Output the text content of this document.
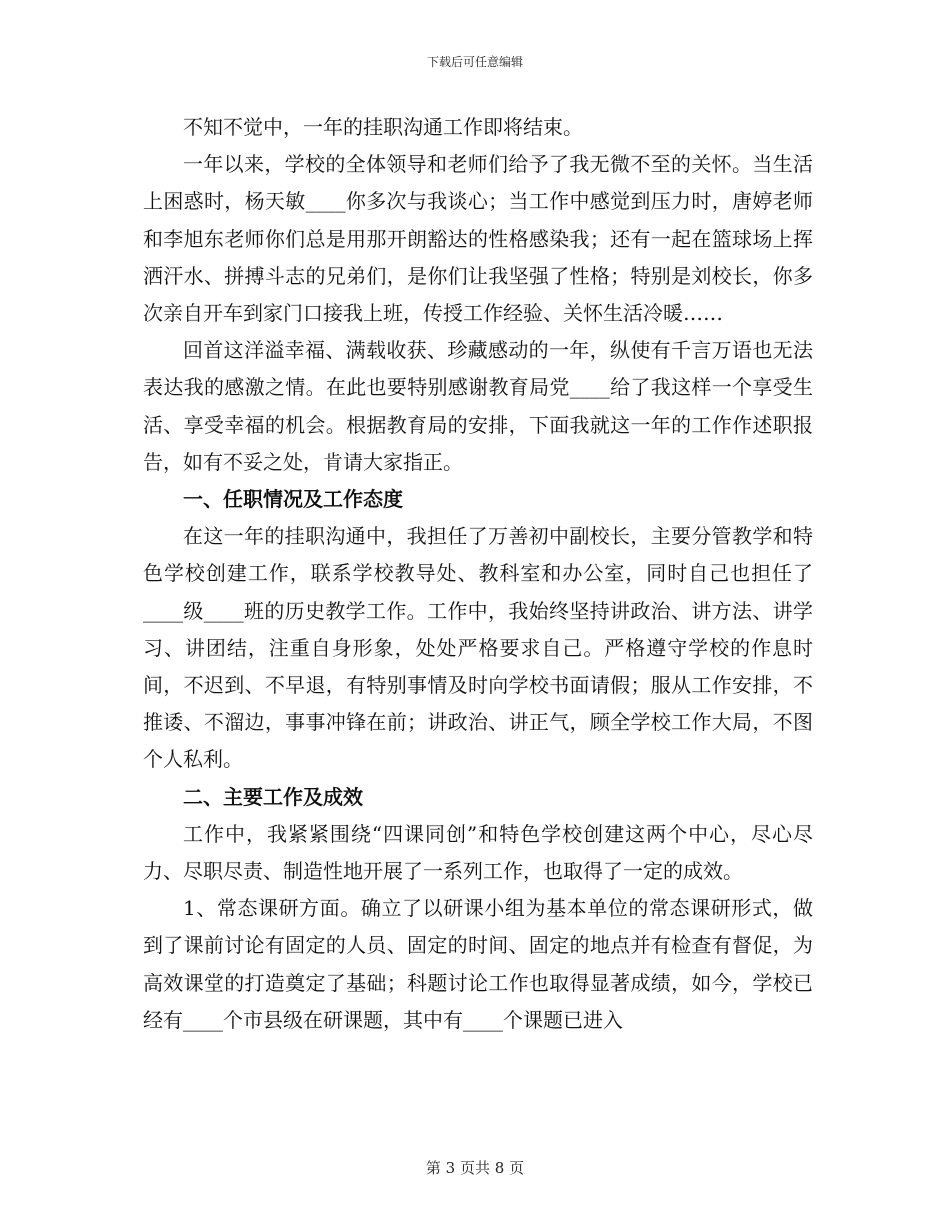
下载后可任意编辑

不知不觉中，一年的挂职沟通工作即将结束。

一年以来，学校的全体领导和老师们给予了我无微不至的关怀。当生活上困惑时，杨天敏____你多次与我谈心；当工作中感觉到压力时，唐婷老师和李旭东老师你们总是用那开朗豁达的性格感染我；还有一起在篮球场上挥洒汗水、拼搏斗志的兄弟们，是你们让我坚强了性格；特别是刘校长，你多次亲自开车到家门口接我上班，传授工作经验、关怀生活冷暖……

回首这洋溢幸福、满载收获、珍藏感动的一年，纵使有千言万语也无法表达我的感激之情。在此也要特别感谢教育局党____给了我这样一个享受生活、享受幸福的机会。根据教育局的安排，下面我就这一年的工作作述职报告，如有不妥之处，肯请大家指正。

一、任职情况及工作态度

在这一年的挂职沟通中，我担任了万善初中副校长，主要分管教学和特色学校创建工作，联系学校教导处、教科室和办公室，同时自己也担任了____级____班的历史教学工作。工作中，我始终坚持讲政治、讲方法、讲学习、讲团结，注重自身形象，处处严格要求自己。严格遵守学校的作息时间，不迟到、不早退，有特别事情及时向学校书面请假；服从工作安排，不推诿、不溜边，事事冲锋在前；讲政治、讲正气，顾全学校工作大局，不图个人私利。

二、主要工作及成效

工作中，我紧紧围绕“四课同创”和特色学校创建这两个中心，尽心尽力、尽职尽责、制造性地开展了一系列工作，也取得了一定的成效。

1、常态课研方面。确立了以研课小组为基本单位的常态课研形式，做到了课前讨论有固定的人员、固定的时间、固定的地点并有检查有督促，为高效课堂的打造奠定了基础；科题讨论工作也取得显著成绩，如今，学校已经有____个市县级在研课题，其中有____个课题已进入

第 3 页共 8 页
